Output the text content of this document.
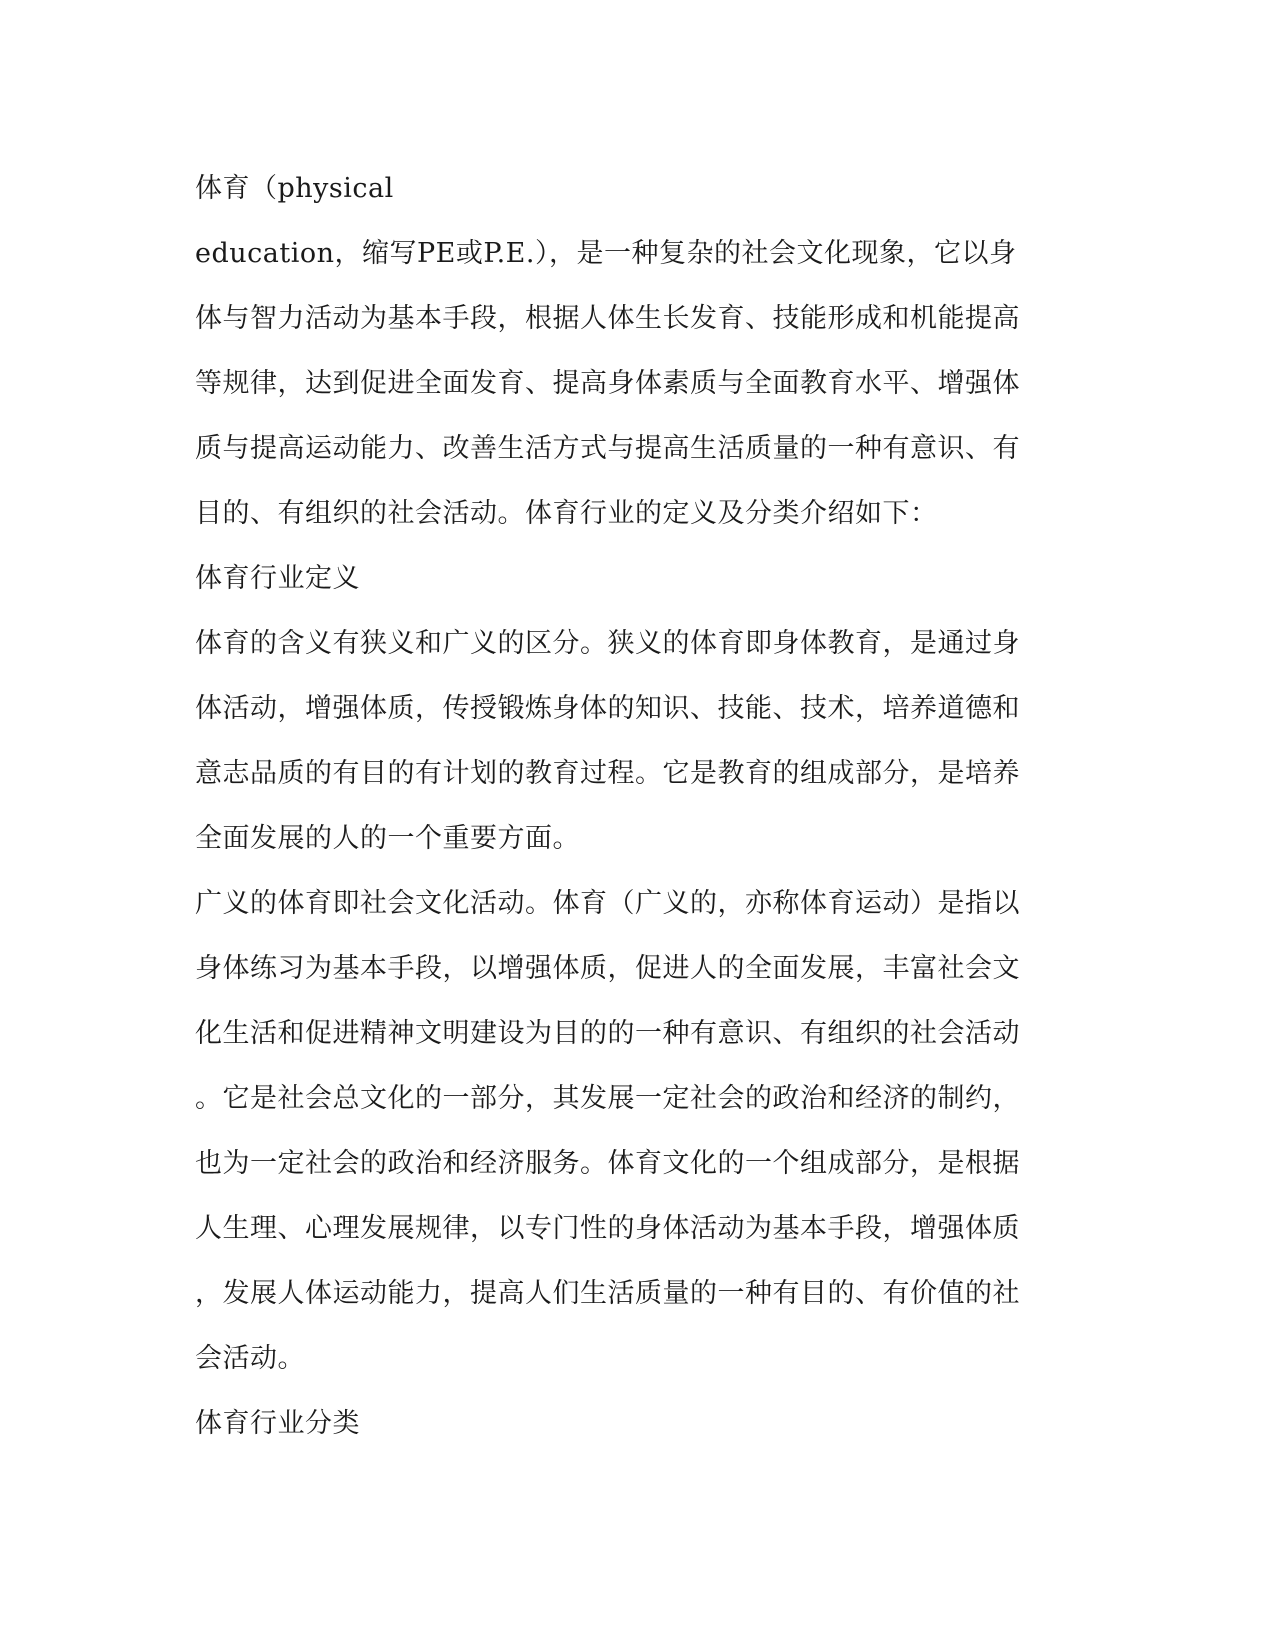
体育（physical
education，缩写PE或P.E.），是一种复杂的社会文化现象，它以身
体与智力活动为基本手段，根据人体生长发育、技能形成和机能提高
等规律，达到促进全面发育、提高身体素质与全面教育水平、增强体
质与提高运动能力、改善生活方式与提高生活质量的一种有意识、有
目的、有组织的社会活动。体育行业的定义及分类介绍如下：
体育行业定义
体育的含义有狭义和广义的区分。狭义的体育即身体教育，是通过身
体活动，增强体质，传授锻炼身体的知识、技能、技术，培养道德和
意志品质的有目的有计划的教育过程。它是教育的组成部分，是培养
全面发展的人的一个重要方面。
广义的体育即社会文化活动。体育（广义的，亦称体育运动）是指以
身体练习为基本手段，以增强体质，促进人的全面发展，丰富社会文
化生活和促进精神文明建设为目的的一种有意识、有组织的社会活动
。它是社会总文化的一部分，其发展一定社会的政治和经济的制约，
也为一定社会的政治和经济服务。体育文化的一个组成部分，是根据
人生理、心理发展规律，以专门性的身体活动为基本手段，增强体质
，发展人体运动能力，提高人们生活质量的一种有目的、有价值的社
会活动。
体育行业分类
